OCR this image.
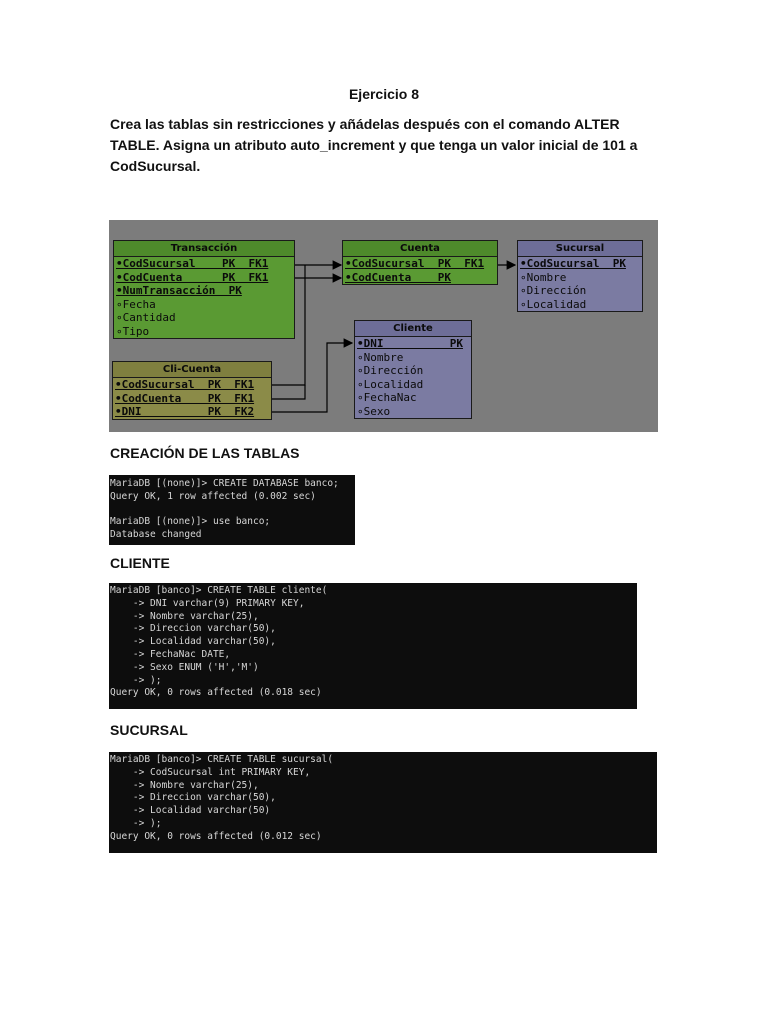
Ejercicio 8
Crea las tablas sin restricciones y añádelas después con el comando ALTER TABLE. Asigna un atributo auto_increment y que tenga un valor inicial de 101 a CodSucursal.
Transacción
•CodSucursal    PK  FK1
•CodCuenta      PK  FK1
•NumTransacción  PK
∘Fecha
∘Cantidad
∘Tipo
Cuenta
•CodSucursal  PK  FK1
•CodCuenta    PK
Sucursal
•CodSucursal  PK
∘Nombre
∘Dirección
∘Localidad
Cliente
•DNI          PK
∘Nombre
∘Dirección
∘Localidad
∘FechaNac
∘Sexo
Cli-Cuenta
•CodSucursal  PK  FK1
•CodCuenta    PK  FK1
•DNI          PK  FK2
CREACIÓN DE LAS TABLAS
MariaDB [(none)]> CREATE DATABASE banco;
Query OK, 1 row affected (0.002 sec)
MariaDB [(none)]> use banco;
Database changed
CLIENTE
MariaDB [banco]> CREATE TABLE cliente(
-> DNI varchar(9) PRIMARY KEY,
-> Nombre varchar(25),
-> Direccion varchar(50),
-> Localidad varchar(50),
-> FechaNac DATE,
-> Sexo ENUM ('H','M')
-> );
Query OK, 0 rows affected (0.018 sec)
SUCURSAL
MariaDB [banco]> CREATE TABLE sucursal(
-> CodSucursal int PRIMARY KEY,
-> Nombre varchar(25),
-> Direccion varchar(50),
-> Localidad varchar(50)
-> );
Query OK, 0 rows affected (0.012 sec)
